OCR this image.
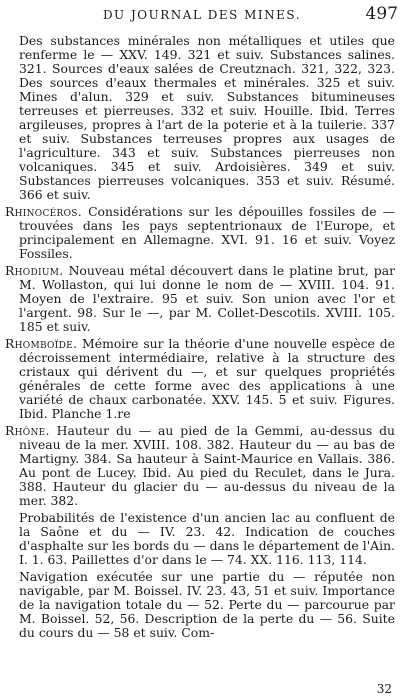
DU JOURNAL DES MINES.	497

Des substances minérales non métalliques et utiles que renferme le — XXV. 149. 321 et suiv. Substances salines. 321. Sources d'eaux salées de Creutznach. 321, 322, 323. Des sources d'eaux thermales et minérales. 325 et suiv. Mines d'alun. 329 et suiv. Substances bitumineuses terreuses et pierreuses. 332 et suiv. Houille. Ibid. Terres argileuses, propres à l'art de la poterie et à la tuilerie. 337 et suiv. Substances terreuses propres aux usages de l'agriculture. 343 et suiv. Substances pierreuses non volcaniques. 345 et suiv. Ardoisières. 349 et suiv. Substances pierreuses volcaniques. 353 et suiv. Résumé. 366 et suiv.

Rhinocéros. Considérations sur les dépouilles fossiles de — trouvées dans les pays septentrionaux de l'Europe, et principalement en Allemagne. XVI. 91. 16 et suiv. Voyez Fossiles.

Rhodium. Nouveau métal découvert dans le platine brut, par M. Wollaston, qui lui donne le nom de — XVIII. 104. 91. Moyen de l'extraire. 95 et suiv. Son union avec l'or et l'argent. 98. Sur le —, par M. Collet-Descotils. XVIII. 105. 185 et suiv.

Rhomboïde. Mémoire sur la théorie d'une nouvelle espèce de décroissement intermédiaire, relative à la structure des cristaux qui dérivent du —, et sur quelques propriétés générales de cette forme avec des applications à une variété de chaux carbonatée. XXV. 145. 5 et suiv. Figures. Ibid. Planche 1.re

Rhône. Hauteur du — au pied de la Gemmi, au-dessus du niveau de la mer. XVIII. 108. 382. Hauteur du — au bas de Martigny. 384. Sa hauteur à Saint-Maurice en Vallais. 386. Au pont de Lucey. Ibid. Au pied du Reculet, dans le Jura. 388. Hauteur du glacier du — au-dessus du niveau de la mer. 382.

Probabilités de l'existence d'un ancien lac au confluent de la Saône et du — IV. 23. 42. Indication de couches d'asphalte sur les bords du — dans le département de l'Ain. I. 1. 63. Paillettes d'or dans le — 74. XX. 116. 113, 114.

Navigation exécutée sur une partie du — réputée non navigable, par M. Boissel. IV. 23. 43, 51 et suiv. Importance de la navigation totale du — 52. Perte du — parcourue par M. Boissel. 52, 56. Description de la perte du — 56. Suite du cours du — 58 et suiv. Com-

32
